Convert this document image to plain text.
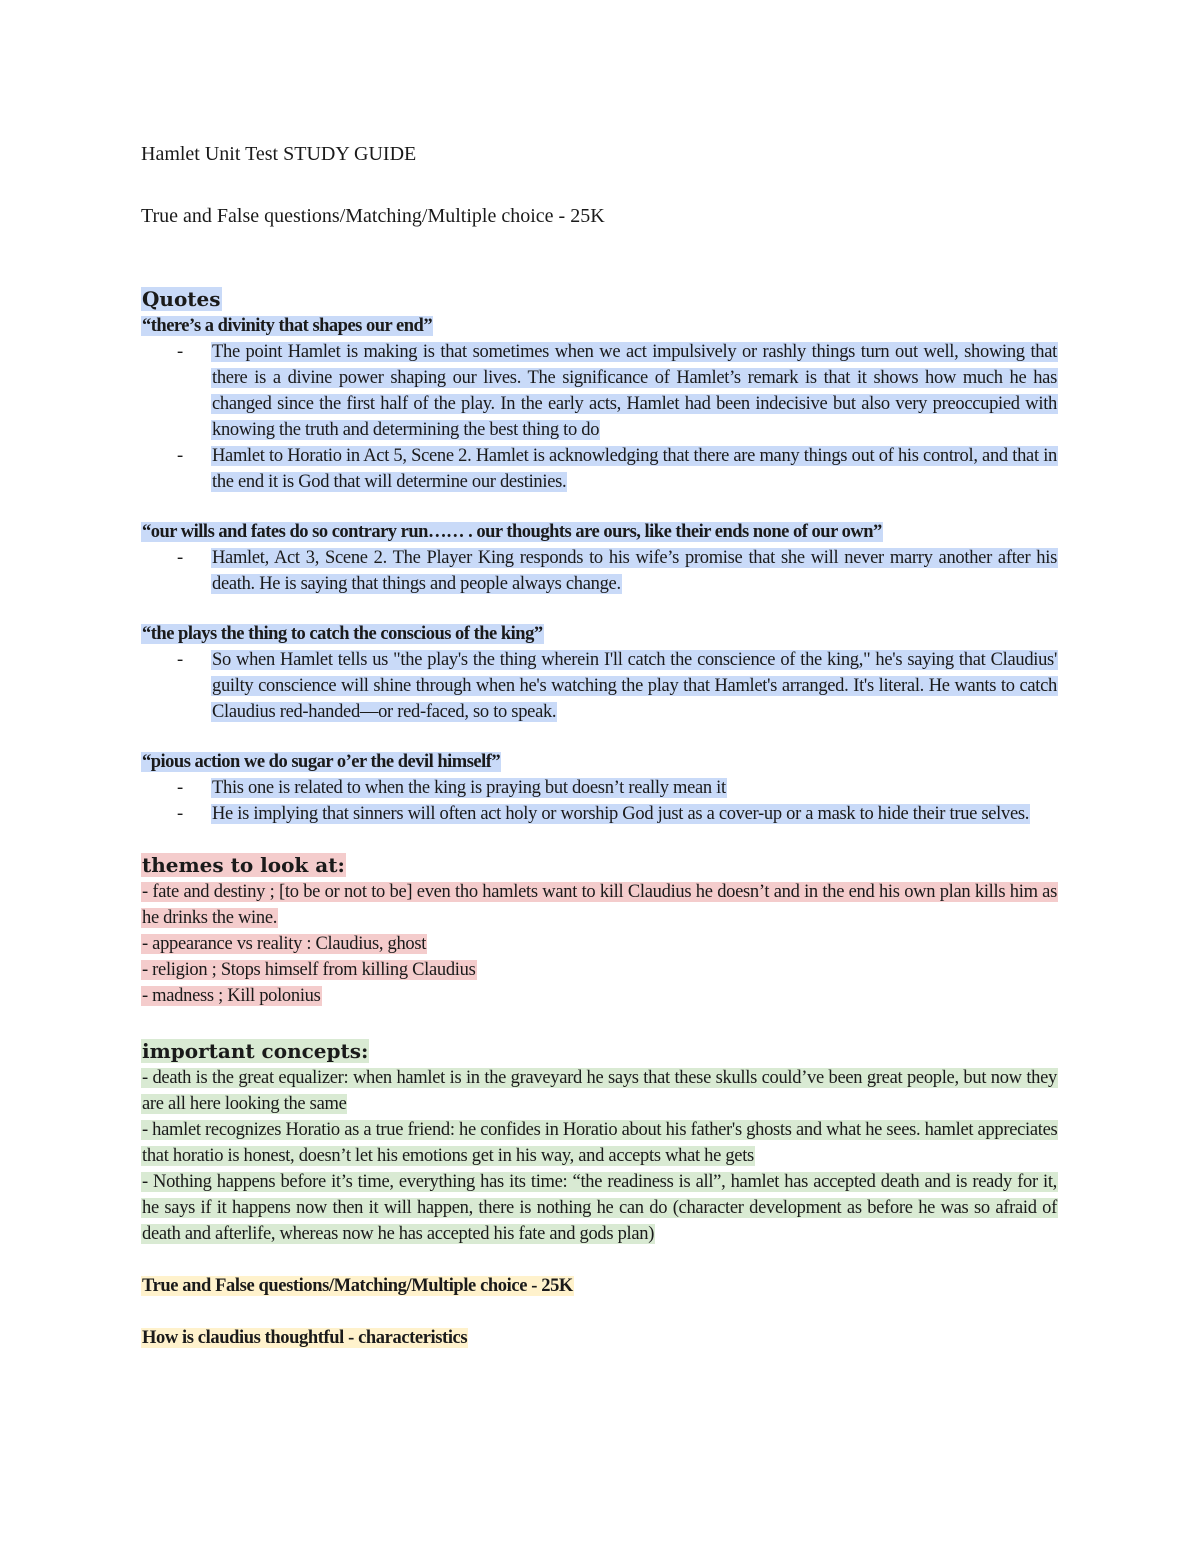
Hamlet Unit Test STUDY GUIDE

True and False questions/Matching/Multiple choice - 25K

Quotes

“there’s a divinity that shapes our end”

- The point Hamlet is making is that sometimes when we act impulsively or rashly things turn out well, showing that there is a divine power shaping our lives. The significance of Hamlet’s remark is that it shows how much he has changed since the first half of the play. In the early acts, Hamlet had been indecisive but also very preoccupied with knowing the truth and determining the best thing to do
- Hamlet to Horatio in Act 5, Scene 2. Hamlet is acknowledging that there are many things out of his control, and that in the end it is God that will determine our destinies.

“our wills and fates do so contrary run…… . our thoughts are ours, like their ends none of our own”

- Hamlet, Act 3, Scene 2. The Player King responds to his wife’s promise that she will never marry another after his death. He is saying that things and people always change.

“the plays the thing to catch the conscious of the king”

- So when Hamlet tells us "the play's the thing wherein I'll catch the conscience of the king," he's saying that Claudius' guilty conscience will shine through when he's watching the play that Hamlet's arranged. It's literal. He wants to catch Claudius red-handed—or red-faced, so to speak.

“pious action we do sugar o’er the devil himself”

- This one is related to when the king is praying but doesn’t really mean it
- He is implying that sinners will often act holy or worship God just as a cover-up or a mask to hide their true selves.

themes to look at:

- fate and destiny ; [to be or not to be] even tho hamlets want to kill Claudius he doesn’t and in the end his own plan kills him as he drinks the wine.

- appearance vs reality : Claudius, ghost

- religion ; Stops himself from killing Claudius

- madness ; Kill polonius

important concepts:

- death is the great equalizer: when hamlet is in the graveyard he says that these skulls could’ve been great people, but now they are all here looking the same

- hamlet recognizes Horatio as a true friend: he confides in Horatio about his father's ghosts and what he sees. hamlet appreciates that horatio is honest, doesn’t let his emotions get in his way, and accepts what he gets

- Nothing happens before it’s time, everything has its time: “the readiness is all”, hamlet has accepted death and is ready for it, he says if it happens now then it will happen, there is nothing he can do (character development as before he was so afraid of death and afterlife, whereas now he has accepted his fate and gods plan)

True and False questions/Matching/Multiple choice - 25K

How is claudius thoughtful - characteristics
